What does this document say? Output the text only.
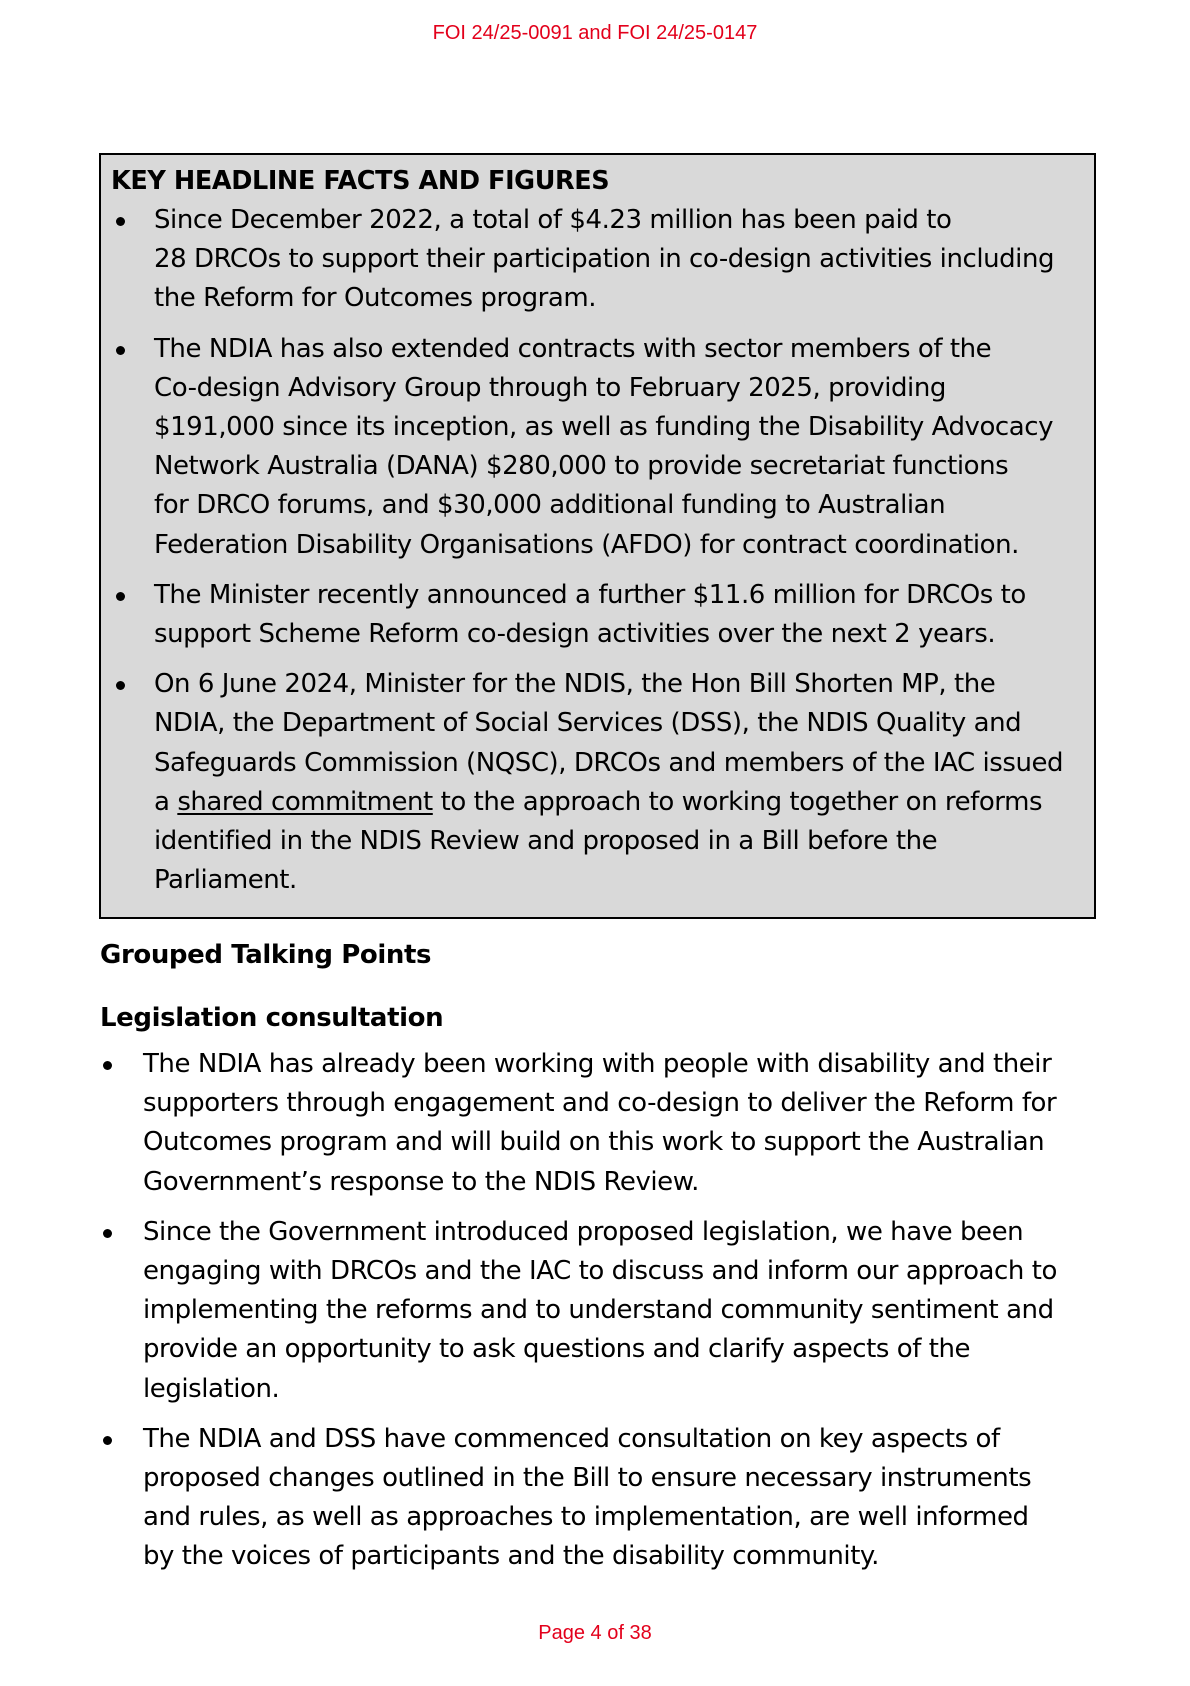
FOI 24/25-0091 and FOI 24/25-0147
KEY HEADLINE FACTS AND FIGURES
Since December 2022, a total of $4.23 million has been paid to
28 DRCOs to support their participation in co-design activities including
the Reform for Outcomes program.
The NDIA has also extended contracts with sector members of the
Co-design Advisory Group through to February 2025, providing
$191,000 since its inception, as well as funding the Disability Advocacy
Network Australia (DANA) $280,000 to provide secretariat functions
for DRCO forums, and $30,000 additional funding to Australian
Federation Disability Organisations (AFDO) for contract coordination.
The Minister recently announced a further $11.6 million for DRCOs to
support Scheme Reform co-design activities over the next 2 years.
On 6 June 2024, Minister for the NDIS, the Hon Bill Shorten MP, the
NDIA, the Department of Social Services (DSS), the NDIS Quality and
Safeguards Commission (NQSC), DRCOs and members of the IAC issued
a shared commitment to the approach to working together on reforms
identified in the NDIS Review and proposed in a Bill before the
Parliament.
Grouped Talking Points
Legislation consultation
The NDIA has already been working with people with disability and their
supporters through engagement and co-design to deliver the Reform for
Outcomes program and will build on this work to support the Australian
Government’s response to the NDIS Review.
Since the Government introduced proposed legislation, we have been
engaging with DRCOs and the IAC to discuss and inform our approach to
implementing the reforms and to understand community sentiment and
provide an opportunity to ask questions and clarify aspects of the
legislation.
The NDIA and DSS have commenced consultation on key aspects of
proposed changes outlined in the Bill to ensure necessary instruments
and rules, as well as approaches to implementation, are well informed
by the voices of participants and the disability community.
Page 4 of 38
